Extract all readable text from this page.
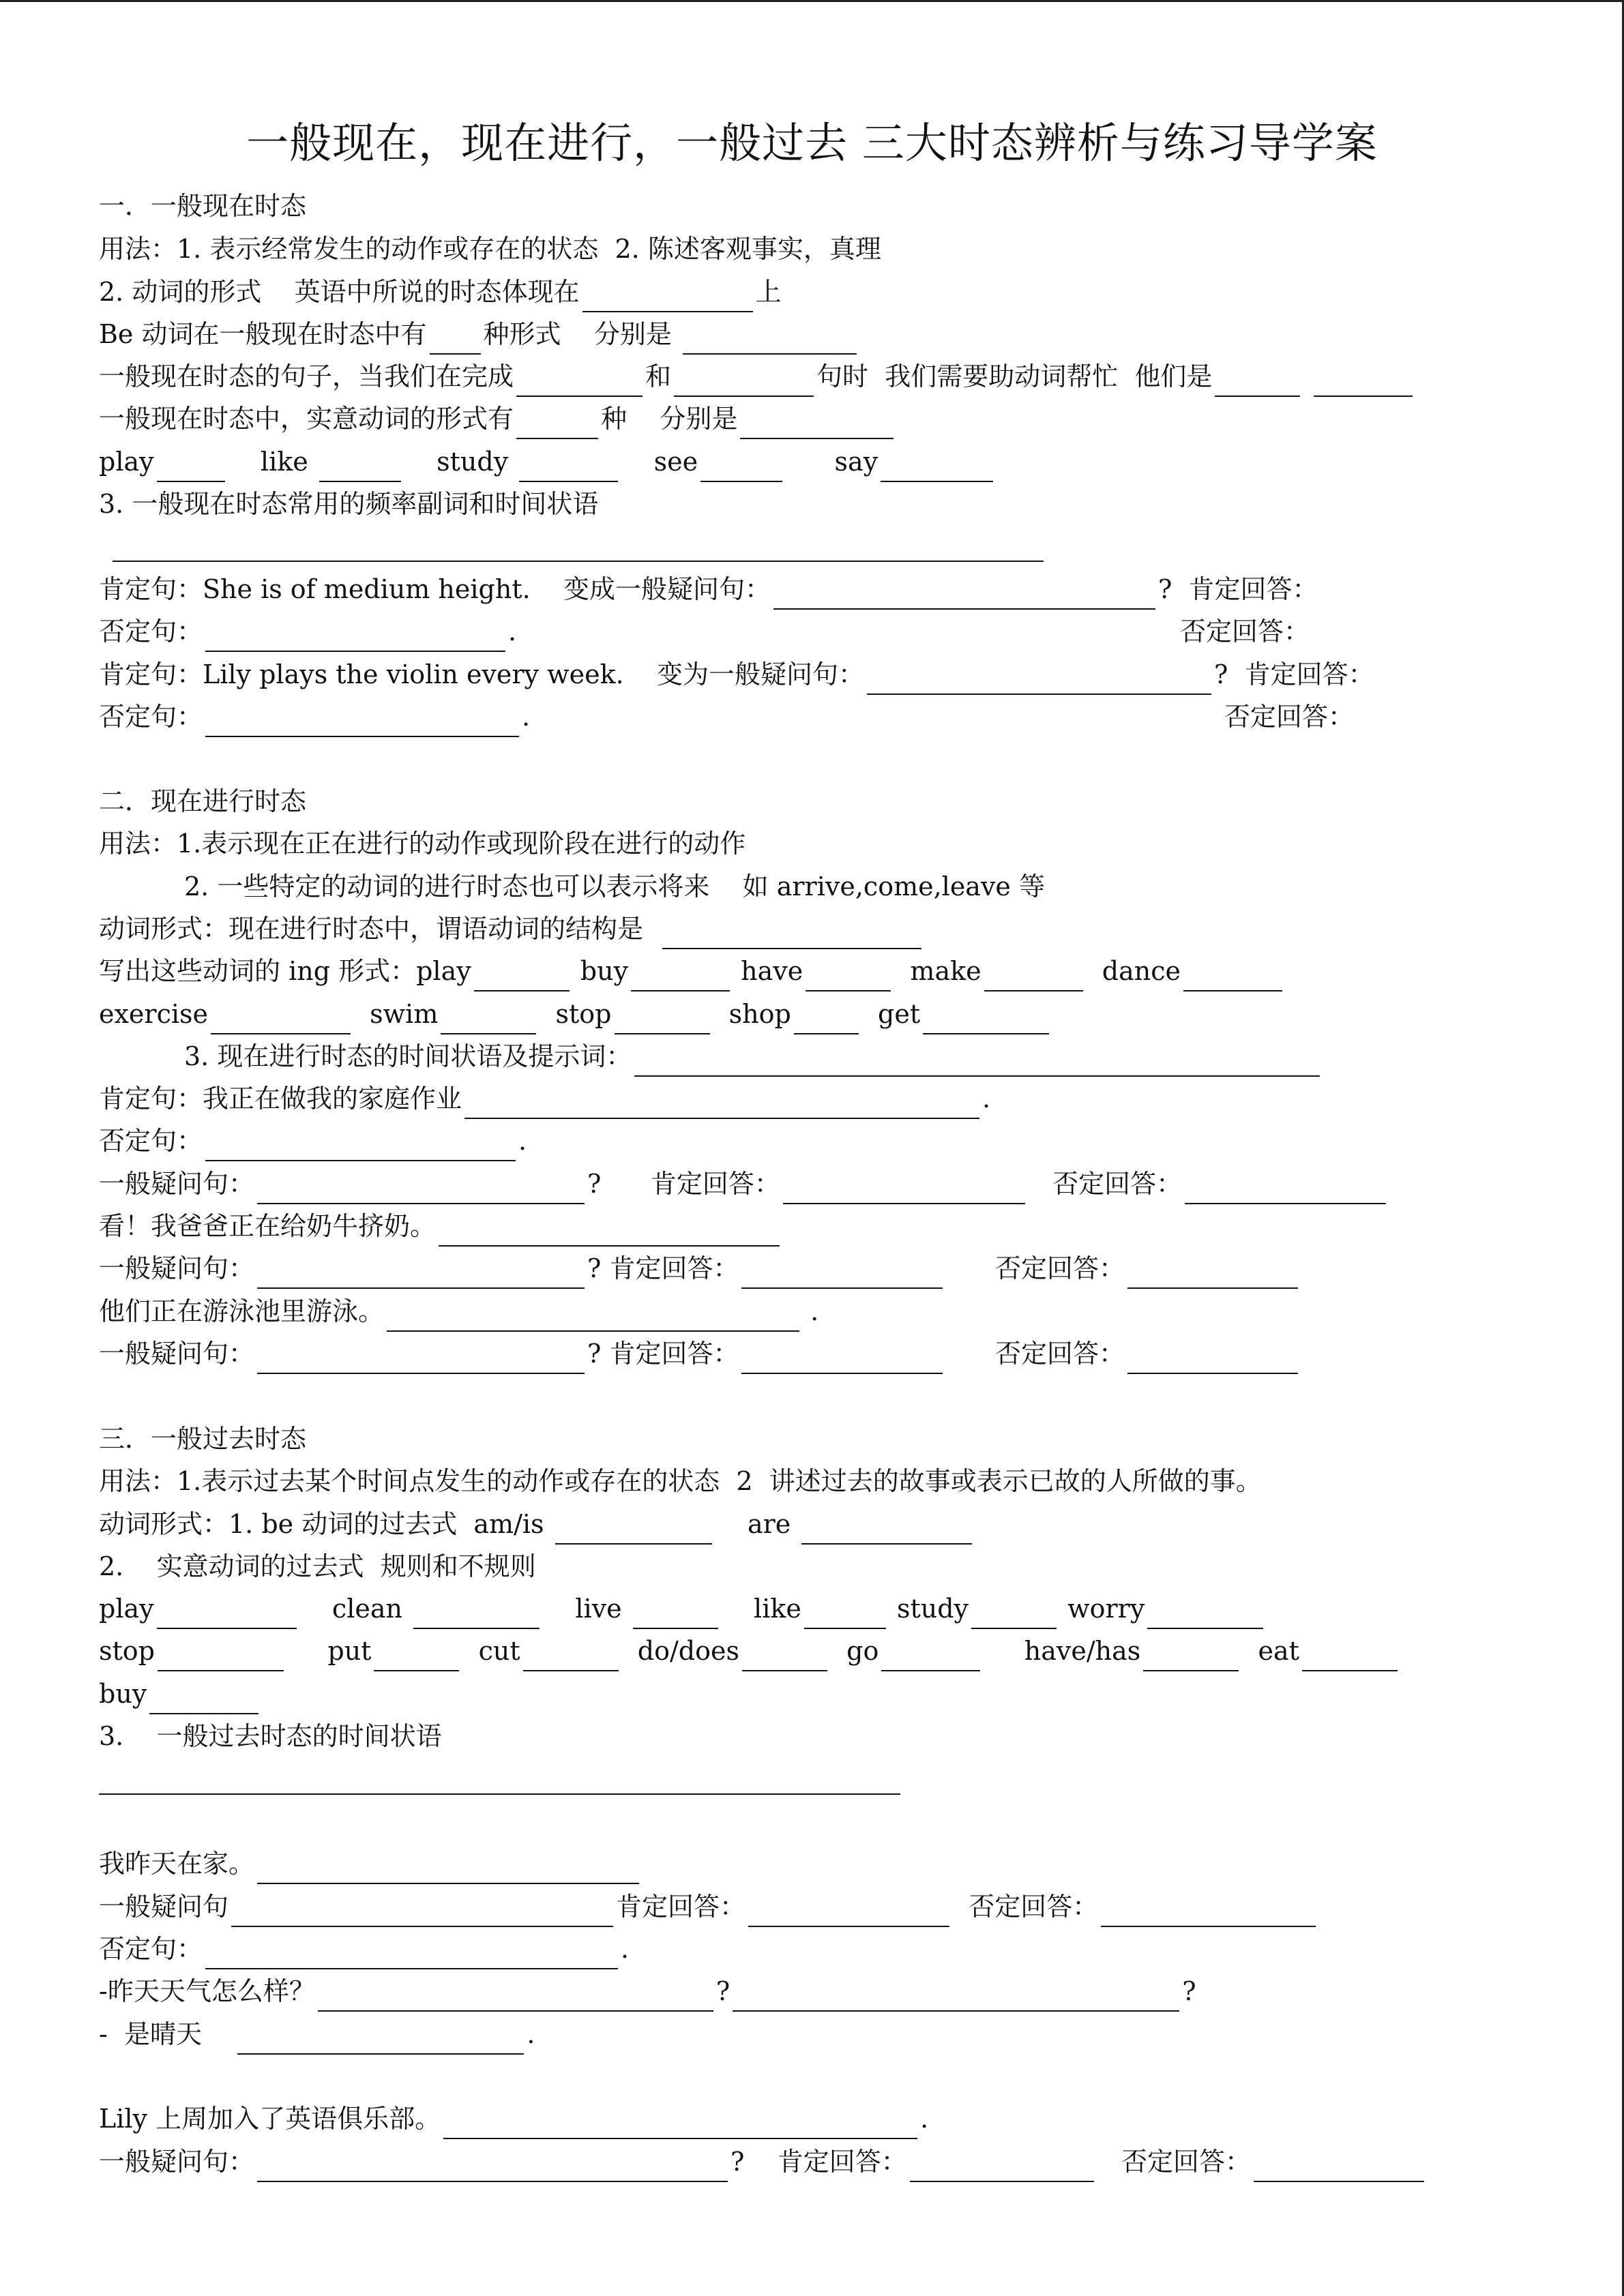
一般现在，现在进行，一般过去 三大时态辨析与练习导学案
一．一般现在时态
用法：1. 表示经常发生的动作或存在的状态  2. 陈述客观事实，真理
2. 动词的形式    英语中所说的时态体现在	上
Be 动词在一般现在时态中有 种形式    分别是
一般现在时态的句子，当我们在完成	和	句时  我们需要助动词帮忙  他们是
一般现在时态中，实意动词的形式有	种    分别是
play	like	study	see	say
3. 一般现在时态常用的频率副词和时间状语
肯定句：She is of medium height.    变成一般疑问句：	?  肯定回答：
否定句：	.
肯定句：Lily plays the violin every week.    变为一般疑问句：	?  肯定回答：
否定句：	.
二．现在进行时态
用法：1.表示现在正在进行的动作或现阶段在进行的动作
2. 一些特定的动词的进行时态也可以表示将来    如 arrive,come,leave 等
动词形式：现在进行时态中，谓语动词的结构是
写出这些动词的 ing 形式：play	buy	have	make	dance
exercise	swim	stop	shop	get
3. 现在进行时态的时间状语及提示词：
肯定句：我正在做我的家庭作业	.
否定句：	.
一般疑问句：	?      肯定回答：	否定回答：
看！我爸爸正在给奶牛挤奶。
一般疑问句：	? 肯定回答：	否定回答：
他们正在游泳池里游泳。	.
一般疑问句：	? 肯定回答：	否定回答：
三．一般过去时态
用法：1.表示过去某个时间点发生的动作或存在的状态  2  讲述过去的故事或表示已故的人所做的事。
动词形式：1. be 动词的过去式  am/is	are
2.    实意动词的过去式  规则和不规则
play	clean	live	like	study	worry
stop	put	cut	do/does	go	have/has	eat
buy
3.    一般过去时态的时间状语
我昨天在家。
一般疑问句	肯定回答：	否定回答：
否定句：	.
-昨天天气怎么样？	?	?
-  是晴天	.
Lily 上周加入了英语俱乐部。	.
一般疑问句：	?    肯定回答：	否定回答：
否定回答：
否定回答：
